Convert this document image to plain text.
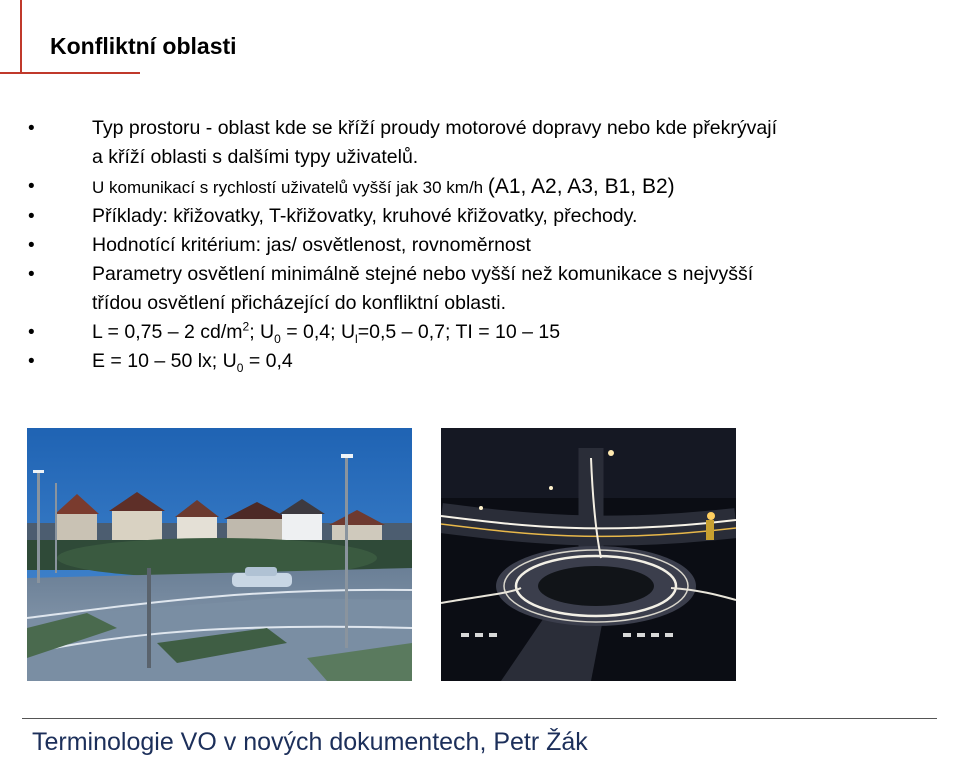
Konfliktní oblasti
• Typ prostoru - oblast kde se kříží proudy motorové dopravy nebo kde překrývají
a kříží oblasti s dalšími typy uživatelů.
• U komunikací s rychlostí uživatelů vyšší jak 30 km/h (A1, A2, A3, B1, B2)
• Příklady: křižovatky, T-křižovatky, kruhové křižovatky, přechody.
• Hodnotící kritérium: jas/ osvětlenost, rovnoměrnost
• Parametry osvětlení minimálně stejné nebo vyšší než komunikace s nejvyšší
třídou osvětlení přicházející do konfliktní oblasti.
• L = 0,75 – 2 $cd/m^2$; $U_0 = 0,4$; $U_l=0,5 - 0,7$; TI = 10 – 15
• E = 10 – 50 lx; $U_0 = 0,4$
Terminologie VO v nových dokumentech, Petr Žák
